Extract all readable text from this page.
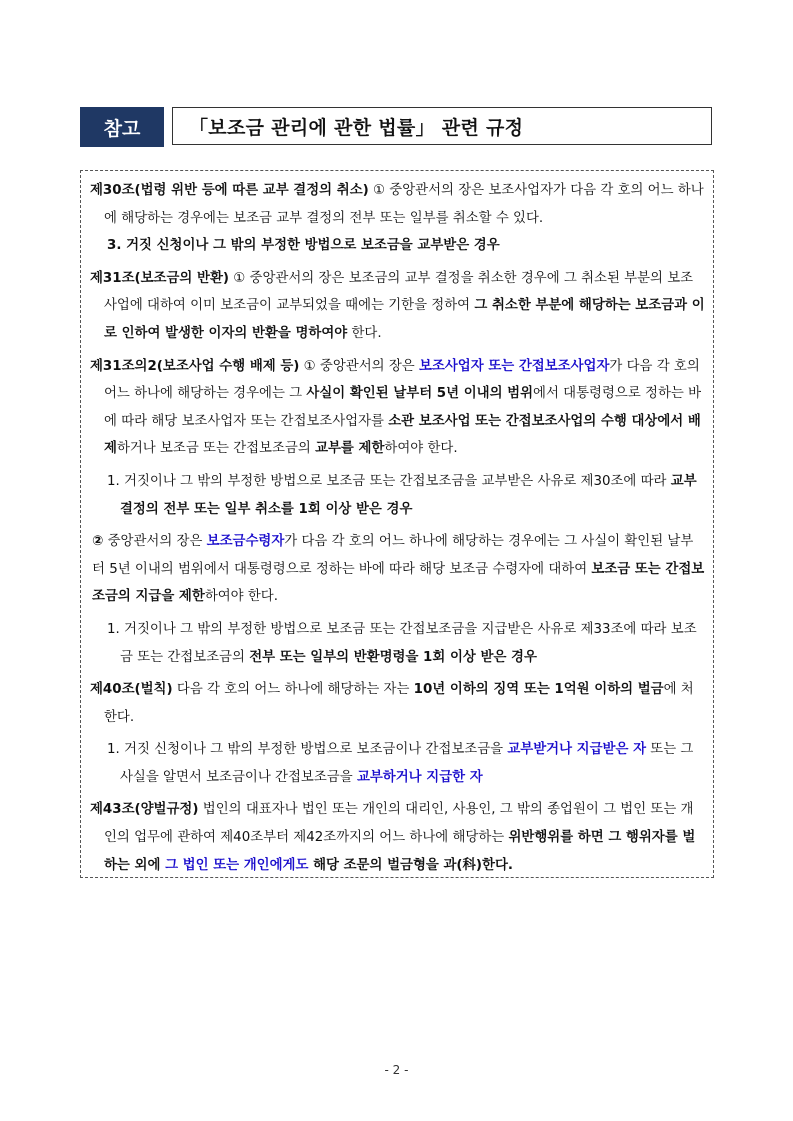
참고	「보조금 관리에 관한 법률」 관련 규정

제30조(법령 위반 등에 따른 교부 결정의 취소) ① 중앙관서의 장은 보조사업자가 다음 각 호의 어느 하나에 해당하는 경우에는 보조금 교부 결정의 전부 또는 일부를 취소할 수 있다.

3. 거짓 신청이나 그 밖의 부정한 방법으로 보조금을 교부받은 경우

제31조(보조금의 반환) ① 중앙관서의 장은 보조금의 교부 결정을 취소한 경우에 그 취소된 부분의 보조사업에 대하여 이미 보조금이 교부되었을 때에는 기한을 정하여 그 취소한 부분에 해당하는 보조금과 이로 인하여 발생한 이자의 반환을 명하여야 한다.

제31조의2(보조사업 수행 배제 등) ① 중앙관서의 장은 보조사업자 또는 간접보조사업자가 다음 각 호의 어느 하나에 해당하는 경우에는 그 사실이 확인된 날부터 5년 이내의 범위에서 대통령령으로 정하는 바에 따라 해당 보조사업자 또는 간접보조사업자를 소관 보조사업 또는 간접보조사업의 수행 대상에서 배제하거나 보조금 또는 간접보조금의 교부를 제한하여야 한다.

1. 거짓이나 그 밖의 부정한 방법으로 보조금 또는 간접보조금을 교부받은 사유로 제30조에 따라 교부 결정의 전부 또는 일부 취소를 1회 이상 받은 경우

② 중앙관서의 장은 보조금수령자가 다음 각 호의 어느 하나에 해당하는 경우에는 그 사실이 확인된 날부터 5년 이내의 범위에서 대통령령으로 정하는 바에 따라 해당 보조금 수령자에 대하여 보조금 또는 간접보조금의 지급을 제한하여야 한다.

1. 거짓이나 그 밖의 부정한 방법으로 보조금 또는 간접보조금을 지급받은 사유로 제33조에 따라 보조금 또는 간접보조금의 전부 또는 일부의 반환명령을 1회 이상 받은 경우

제40조(벌칙) 다음 각 호의 어느 하나에 해당하는 자는 10년 이하의 징역 또는 1억원 이하의 벌금에 처한다.

1. 거짓 신청이나 그 밖의 부정한 방법으로 보조금이나 간접보조금을 교부받거나 지급받은 자 또는 그 사실을 알면서 보조금이나 간접보조금을 교부하거나 지급한 자

제43조(양벌규정) 법인의 대표자나 법인 또는 개인의 대리인, 사용인, 그 밖의 종업원이 그 법인 또는 개인의 업무에 관하여 제40조부터 제42조까지의 어느 하나에 해당하는 위반행위를 하면 그 행위자를 벌하는 외에 그 법인 또는 개인에게도 해당 조문의 벌금형을 과(科)한다.

- 2 -
